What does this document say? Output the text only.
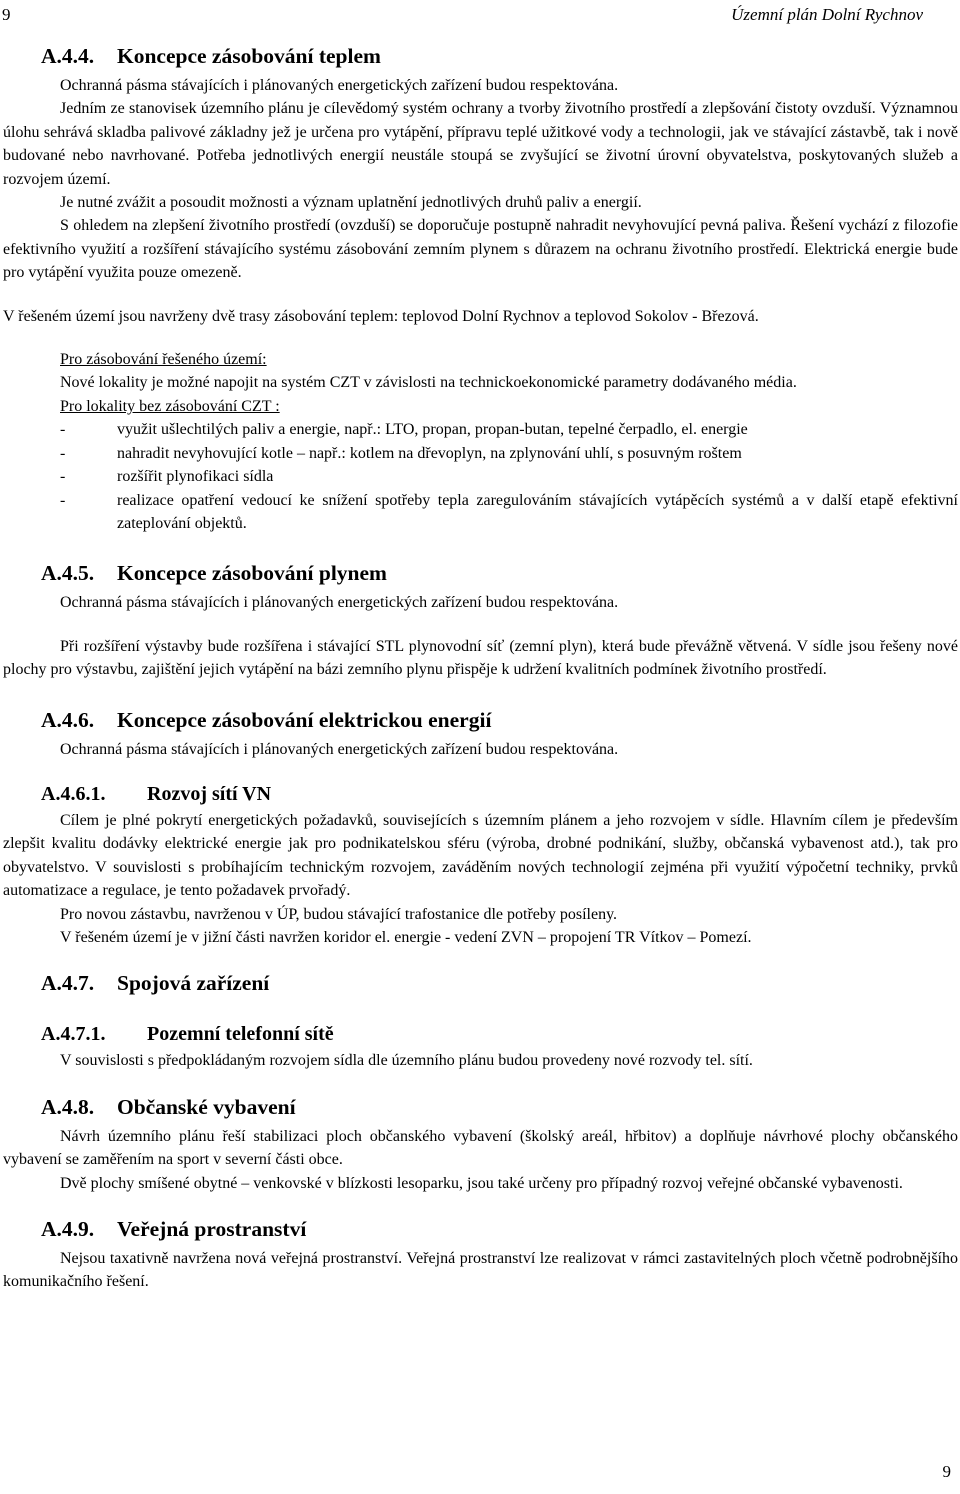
9	Územní plán Dolní Rychnov
A.4.4. Koncepce zásobování teplem

Ochranná pásma stávajících i plánovaných energetických zařízení budou respektována.

Jedním ze stanovisek územního plánu je cílevědomý systém ochrany a tvorby životního prostředí a zlepšování čistoty ovzduší. Významnou úlohu sehrává skladba palivové základny jež je určena pro vytápění, přípravu teplé užitkové vody a technologii, jak ve stávající zástavbě, tak i nově budované nebo navrhované. Potřeba jednotlivých energií neustále stoupá se zvyšující se životní úrovní obyvatelstva, poskytovaných služeb a rozvojem území.

Je nutné zvážit a posoudit možnosti a význam uplatnění jednotlivých druhů paliv a energií.

S ohledem na zlepšení životního prostředí (ovzduší) se doporučuje postupně nahradit nevyhovující pevná paliva. Řešení vychází z filozofie efektivního využití a rozšíření stávajícího systému zásobování zemním plynem s důrazem na ochranu životního prostředí. Elektrická energie bude pro vytápění využita pouze omezeně.

V řešeném území jsou navrženy dvě trasy zásobování teplem: teplovod Dolní Rychnov a teplovod Sokolov - Březová.

Pro zásobování řešeného území:

Nové lokality je možné napojit na systém CZT v závislosti na technickoekonomické parametry dodávaného média.

Pro lokality bez zásobování CZT :

-	využit ušlechtilých paliv a energie, např.: LTO, propan, propan-butan, tepelné čerpadlo, el. energie
-	nahradit nevyhovující kotle – např.: kotlem na dřevoplyn, na zplynování uhlí, s posuvným roštem
-	rozšířit plynofikaci sídla
-	realizace opatření vedoucí ke snížení spotřeby tepla zaregulováním stávajících vytápěcích systémů a v další etapě efektivní zateplování objektů.
A.4.5. Koncepce zásobování plynem

Ochranná pásma stávajících i plánovaných energetických zařízení budou respektována.

Při rozšíření výstavby bude rozšířena i stávající STL plynovodní síť (zemní plyn), která bude převážně větvená. V sídle jsou řešeny nové plochy pro výstavbu, zajištění jejich vytápění na bázi zemního plynu přispěje k udržení kvalitních podmínek životního prostředí.

A.4.6. Koncepce zásobování elektrickou energií

Ochranná pásma stávajících i plánovaných energetických zařízení budou respektována.

A.4.6.1. Rozvoj sítí VN

Cílem je plné pokrytí energetických požadavků, souvisejících s územním plánem a jeho rozvojem v sídle. Hlavním cílem je především zlepšit kvalitu dodávky elektrické energie jak pro podnikatelskou sféru (výroba, drobné podnikání, služby, občanská vybavenost atd.), tak pro obyvatelstvo. V souvislosti s probíhajícím technickým rozvojem, zaváděním nových technologií zejména při využití výpočetní techniky, prvků automatizace a regulace, je tento požadavek prvořadý.

Pro novou zástavbu, navrženou v ÚP, budou stávající trafostanice dle potřeby posíleny.

V řešeném území je v jižní části navržen koridor el. energie - vedení ZVN – propojení TR Vítkov – Pomezí.

A.4.7. Spojová zařízení
A.4.7.1. Pozemní telefonní sítě

V souvislosti s předpokládaným rozvojem sídla dle územního plánu budou provedeny nové rozvody tel. sítí.

A.4.8. Občanské vybavení

Návrh územního plánu řeší stabilizaci ploch občanského vybavení (školský areál, hřbitov) a doplňuje návrhové plochy občanského vybavení se zaměřením na sport v severní části obce.

Dvě plochy smíšené obytné – venkovské v blízkosti lesoparku, jsou také určeny pro případný rozvoj veřejné občanské vybavenosti.

A.4.9. Veřejná prostranství

Nejsou taxativně navržena nová veřejná prostranství. Veřejná prostranství lze realizovat v rámci zastavitelných ploch včetně podrobnějšího komunikačního řešení.

9
